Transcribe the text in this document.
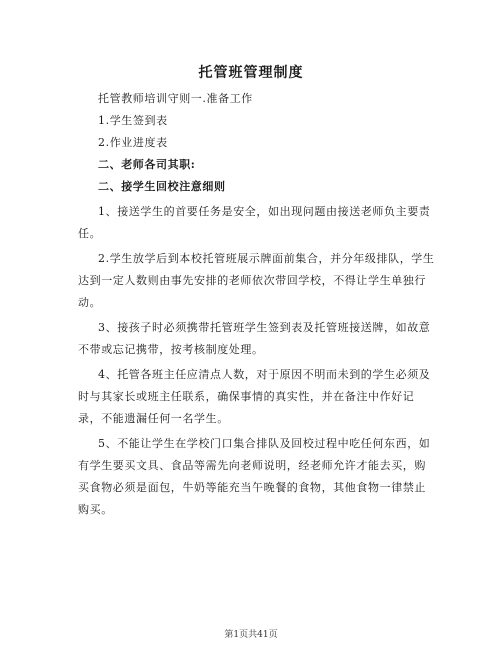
托管班管理制度

托管教师培训守则一.准备工作

1.学生签到表

2.作业进度表

二、老师各司其职:

二、接学生回校注意细则

1、接送学生的首要任务是安全，如出现问题由接送老师负主要责

任。

2.学生放学后到本校托管班展示牌面前集合，并分年级排队，学生

达到一定人数则由事先安排的老师依次带回学校，不得让学生单独行

动。

3、接孩子时必须携带托管班学生签到表及托管班接送牌，如故意

不带或忘记携带，按考核制度处理。

4、托管各班主任应清点人数，对于原因不明而未到的学生必须及

时与其家长或班主任联系，确保事情的真实性，并在备注中作好记

录，不能遗漏任何一名学生。

5、不能让学生在学校门口集合排队及回校过程中吃任何东西，如

有学生要买文具、食品等需先向老师说明，经老师允许才能去买，购

买食物必须是面包，牛奶等能充当午晚餐的食物，其他食物一律禁止

购买。

第1页共41页
